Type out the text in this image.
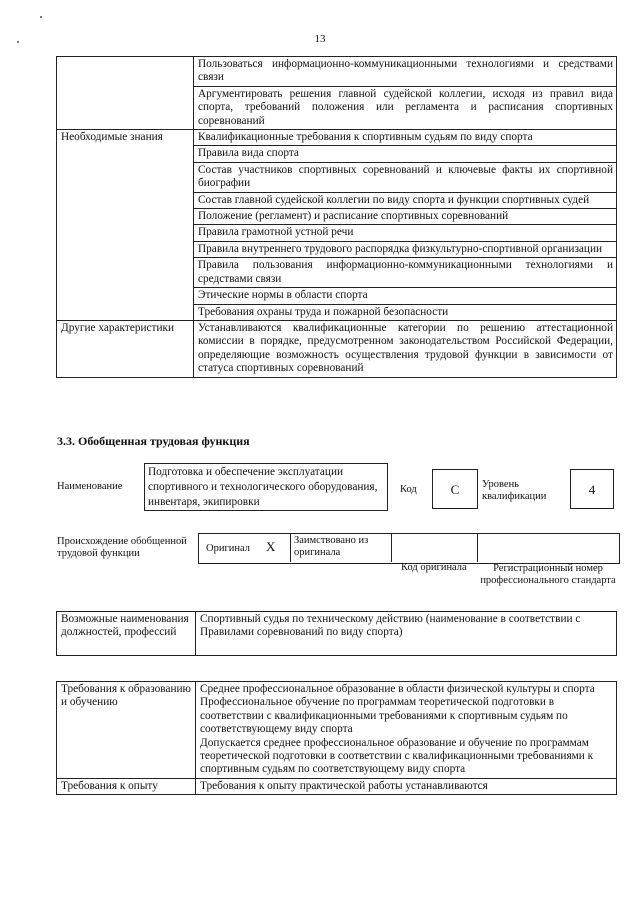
13
	Пользоваться информационно-коммуникационными технологиями и средствами связи
	Аргументировать решения главной судейской коллегии, исходя из правил вида спорта, требований положения или регламента и расписания спортивных соревнований
Необходимые знания	Квалификационные требования к спортивным судьям по виду спорта
	Правила вида спорта
	Состав участников спортивных соревнований и ключевые факты их спортивной биографии
	Состав главной судейской коллегии по виду спорта и функции спортивных судей
	Положение (регламент) и расписание спортивных соревнований
	Правила грамотной устной речи
	Правила внутреннего трудового распорядка физкультурно-спортивной организации
	Правила пользования информационно-коммуникационными технологиями и средствами связи
	Этические нормы в области спорта
	Требования охраны труда и пожарной безопасности
Другие характеристики	Устанавливаются квалификационные категории по решению аттестационной комиссии в порядке, предусмотренном законодательством Российской Федерации, определяющие возможность осуществления трудовой функции в зависимости от статуса спортивных соревнований
3.3. Обобщенная трудовая функция
Наименование
Подготовка и обеспечение эксплуатации спортивного и технологического оборудования, инвентаря, экипировки
Код	С	Уровень квалификации	4
Происхождение обобщенной трудовой функции	Оригинал X Заимствовано из оригинала
Код оригинала	Регистрационный номер профессионального стандарта
Возможные наименования должностей, профессий	Спортивный судья по техническому действию (наименование в соответствии с Правилами соревнований по виду спорта)
Требования к образованию и обучению	Среднее профессиональное образование в области физической культуры и спорта
Профессиональное обучение по программам теоретической подготовки в соответствии с квалификационными требованиями к спортивным судьям по соответствующему виду спорта
Допускается среднее профессиональное образование и обучение по программам теоретической подготовки в соответствии с квалификационными требованиями к спортивным судьям по соответствующему виду спорта

Требования к опыту	Требования к опыту практической работы устанавливаются
